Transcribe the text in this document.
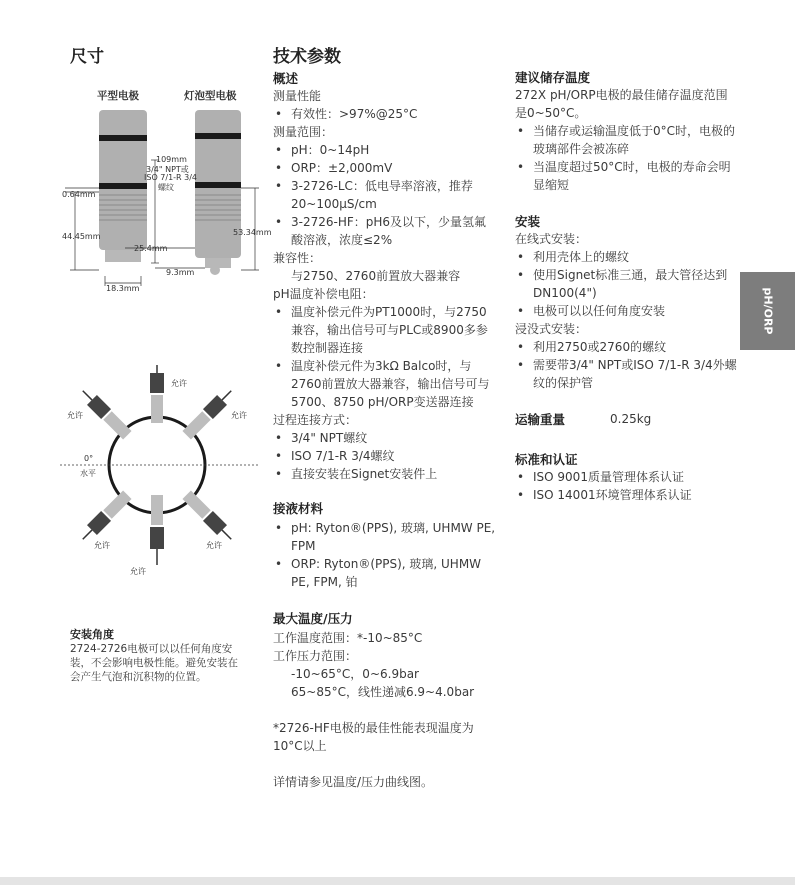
尺寸
平型电极	灯泡型电极
109mm
3/4" NPT或
ISO 7/1-R 3/4
螺纹
0.64mm
44.45mm
25.4mm
53.34mm
9.3mm
18.3mm
允许
允许	允许
0°
水平
允许	允许
允许
安装角度
2724-2726电极可以以任何角度安装，不会影响电极性能。避免安装在会产生气泡和沉积物的位置。
技术参数
概述
测量性能
• 有效性：>97%@25°C
测量范围：
• pH：0~14pH
• ORP：±2,000mV
• 3-2726-LC：低电导率溶液，推荐20~100μS/cm
• 3-2726-HF：pH6及以下，少量氢氟酸溶液，浓度≤2%
兼容性：
与2750、2760前置放大器兼容
pH温度补偿电阻：
• 温度补偿元件为PT1000时，与2750兼容，输出信号可与PLC或8900多参数控制器连接
• 温度补偿元件为3kΩ Balco时，与2760前置放大器兼容，输出信号可与5700、8750 pH/ORP变送器连接
过程连接方式：
• 3/4" NPT螺纹
• ISO 7/1-R 3/4螺纹
• 直接安装在Signet安装件上
接液材料
• pH: Ryton®(PPS), 玻璃, UHMW PE, FPM
• ORP: Ryton®(PPS), 玻璃, UHMW PE, FPM, 铂
最大温度/压力
工作温度范围：*-10~85°C
工作压力范围：
-10~65°C，0~6.9bar
65~85°C，线性递减6.9~4.0bar
*2726-HF电极的最佳性能表现温度为10°C以上
详情请参见温度/压力曲线图。
建议储存温度
272X pH/ORP电极的最佳储存温度范围是0~50°C。
• 当储存或运输温度低于0°C时，电极的玻璃部件会被冻碎
• 当温度超过50°C时，电极的寿命会明显缩短
安装
在线式安装：
• 利用壳体上的螺纹
• 使用Signet标准三通，最大管径达到DN100(4")
• 电极可以以任何角度安装
浸没式安装：
• 利用2750或2760的螺纹
• 需要带3/4" NPT或ISO 7/1-R 3/4外螺纹的保护管
运输重量	0.25kg
标准和认证
• ISO 9001质量管理体系认证
• ISO 14001环境管理体系认证
pH/ORP
